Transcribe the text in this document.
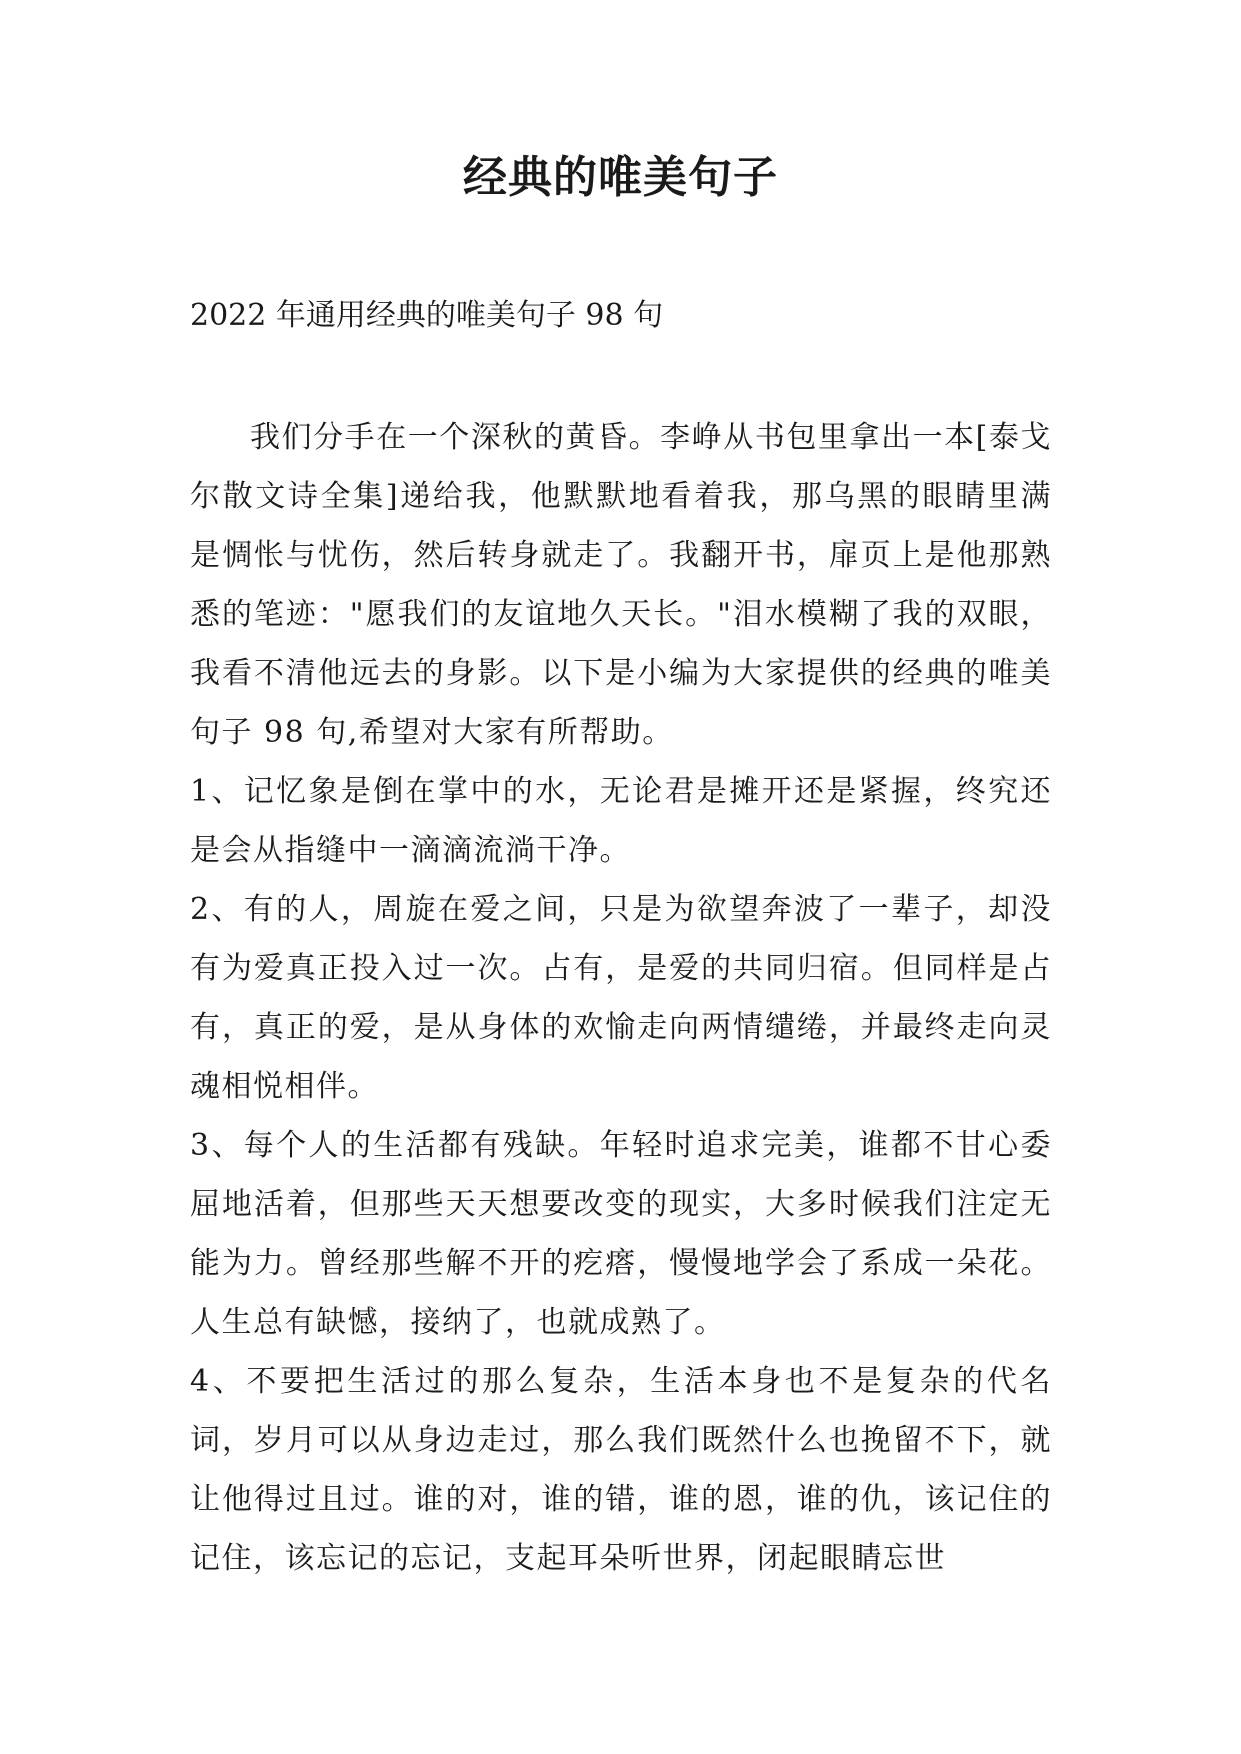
经典的唯美句子

2022 年通用经典的唯美句子 98 句

我们分手在一个深秋的黄昏。李峥从书包里拿出一本[泰戈尔散文诗全集]递给我，他默默地看着我，那乌黑的眼睛里满是惆怅与忧伤，然后转身就走了。我翻开书，扉页上是他那熟悉的笔迹："愿我们的友谊地久天长。"泪水模糊了我的双眼，我看不清他远去的身影。以下是小编为大家提供的经典的唯美句子 98 句,希望对大家有所帮助。

1、记忆象是倒在掌中的水，无论君是摊开还是紧握，终究还是会从指缝中一滴滴流淌干净。

2、有的人，周旋在爱之间，只是为欲望奔波了一辈子，却没有为爱真正投入过一次。占有，是爱的共同归宿。但同样是占有，真正的爱，是从身体的欢愉走向两情缱绻，并最终走向灵魂相悦相伴。

3、每个人的生活都有残缺。年轻时追求完美，谁都不甘心委屈地活着，但那些天天想要改变的现实，大多时候我们注定无能为力。曾经那些解不开的疙瘩，慢慢地学会了系成一朵花。人生总有缺憾，接纳了，也就成熟了。

4、不要把生活过的那么复杂，生活本身也不是复杂的代名词，岁月可以从身边走过，那么我们既然什么也挽留不下，就让他得过且过。谁的对，谁的错，谁的恩，谁的仇，该记住的记住，该忘记的忘记，支起耳朵听世界，闭起眼睛忘世
